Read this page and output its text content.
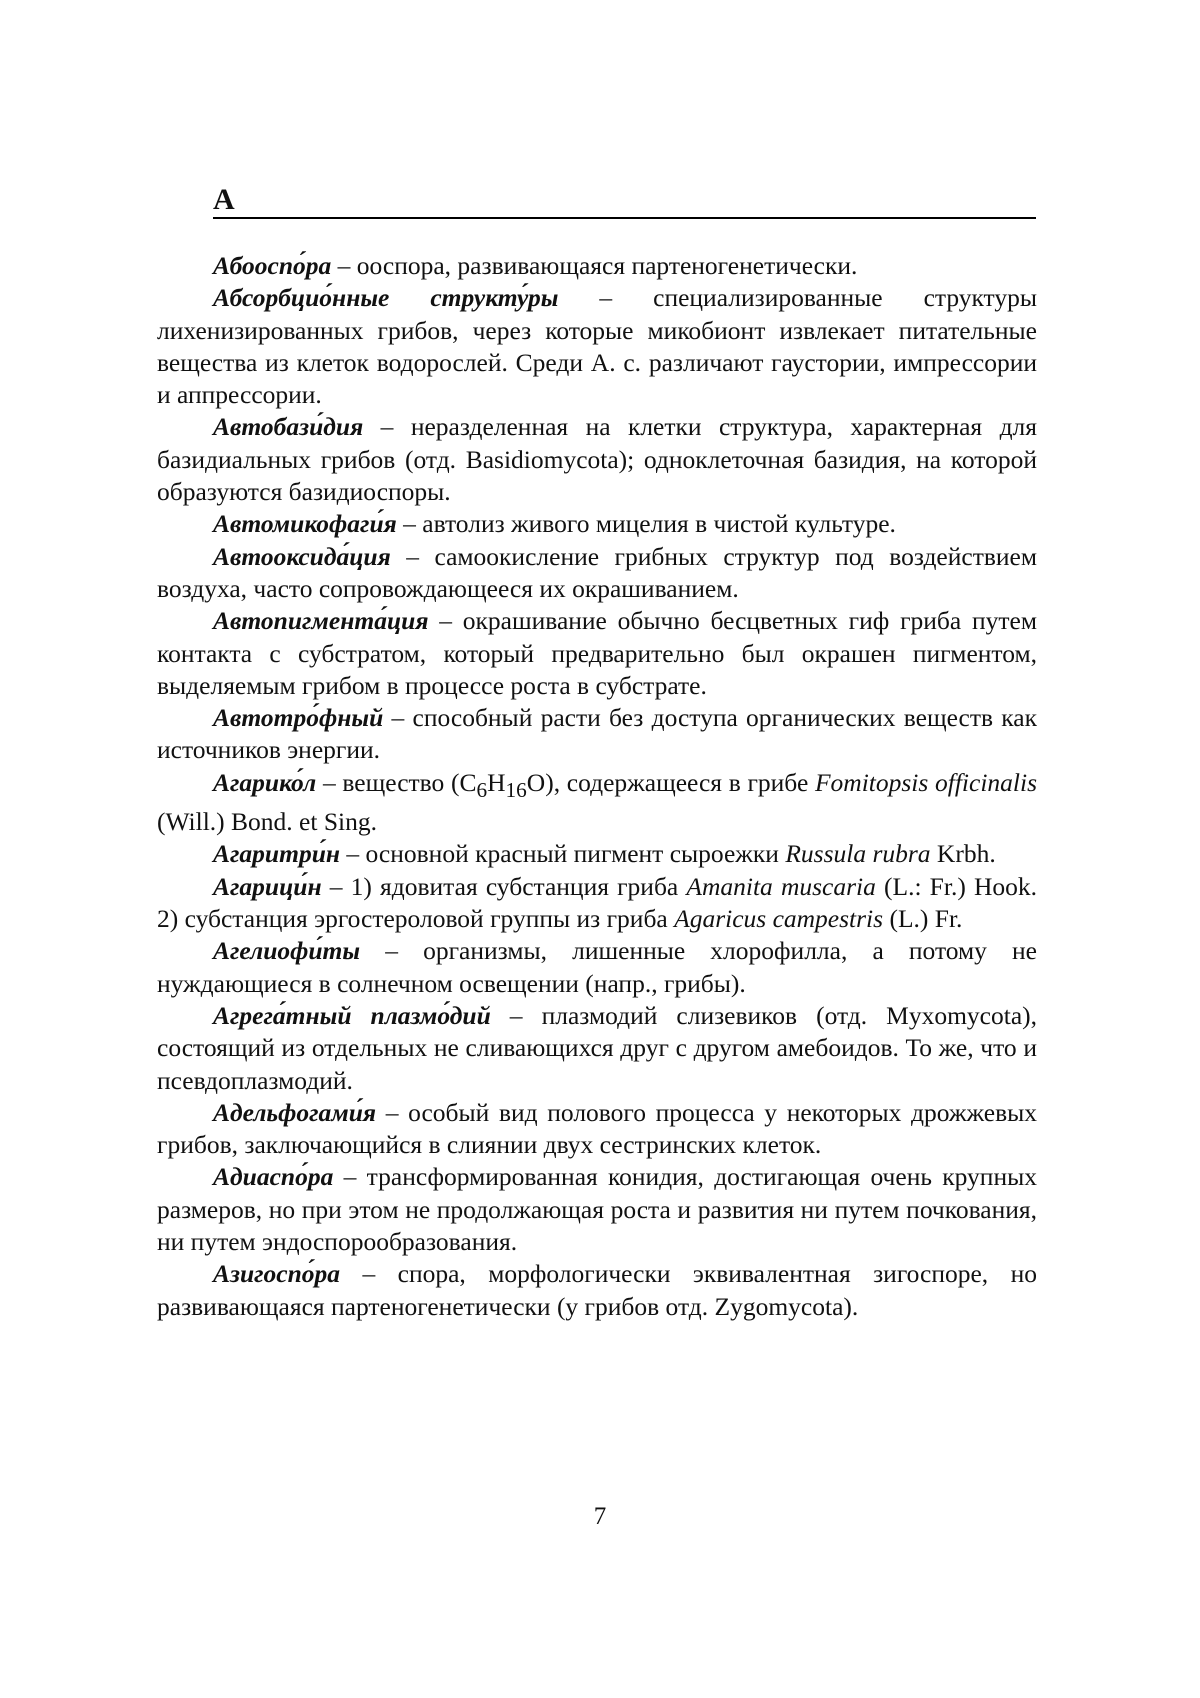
А

Абооспо́ра – ооспора, развивающаяся партеногенетически.

Абсорбцио́нные структу́ры – специализированные структуры лихенизированных грибов, через которые микобионт извлекает питательные вещества из клеток водорослей. Среди А. с. различают гаустории, импрессории и аппрессории.

Автобази́дия – неразделенная на клетки структура, характерная для базидиальных грибов (отд. Basidiomycota); одноклеточная базидия, на которой образуются базидиоспоры.

Автомикофаги́я – автолиз живого мицелия в чистой культуре.

Автооксида́ция – самоокисление грибных структур под воздействием воздуха, часто сопровождающееся их окрашиванием.

Автопигмента́ция – окрашивание обычно бесцветных гиф гриба путем контакта с субстратом, который предварительно был окрашен пигментом, выделяемым грибом в процессе роста в субстрате.

Автотро́фный – способный расти без доступа органических веществ как источников энергии.

Агарико́л – вещество $(C_6H_{16}O)$, содержащееся в грибе Fomitopsis officinalis (Will.) Bond. et Sing.

Агаритри́н – основной красный пигмент сыроежки Russula rubra Krbh.

Агарици́н – 1) ядовитая субстанция гриба Amanita muscaria (L.: Fr.) Hook. 2) субстанция эргостероловой группы из гриба Agaricus campestris (L.) Fr.

Агелиофи́ты – организмы, лишенные хлорофилла, а потому не нуждающиеся в солнечном освещении (напр., грибы).

Агрега́тный плазмо́дий – плазмодий слизевиков (отд. Myxomycota), состоящий из отдельных не сливающихся друг с другом амебоидов. То же, что и псевдоплазмодий.

Адельфогами́я – особый вид полового процесса у некоторых дрожжевых грибов, заключающийся в слиянии двух сестринских клеток.

Адиаспо́ра – трансформированная конидия, достигающая очень крупных размеров, но при этом не продолжающая роста и развития ни путем почкования, ни путем эндоспорообразования.

Азигоспо́ра – спора, морфологически эквивалентная зигоспоре, но развивающаяся партеногенетически (у грибов отд. Zygomycota).

7
